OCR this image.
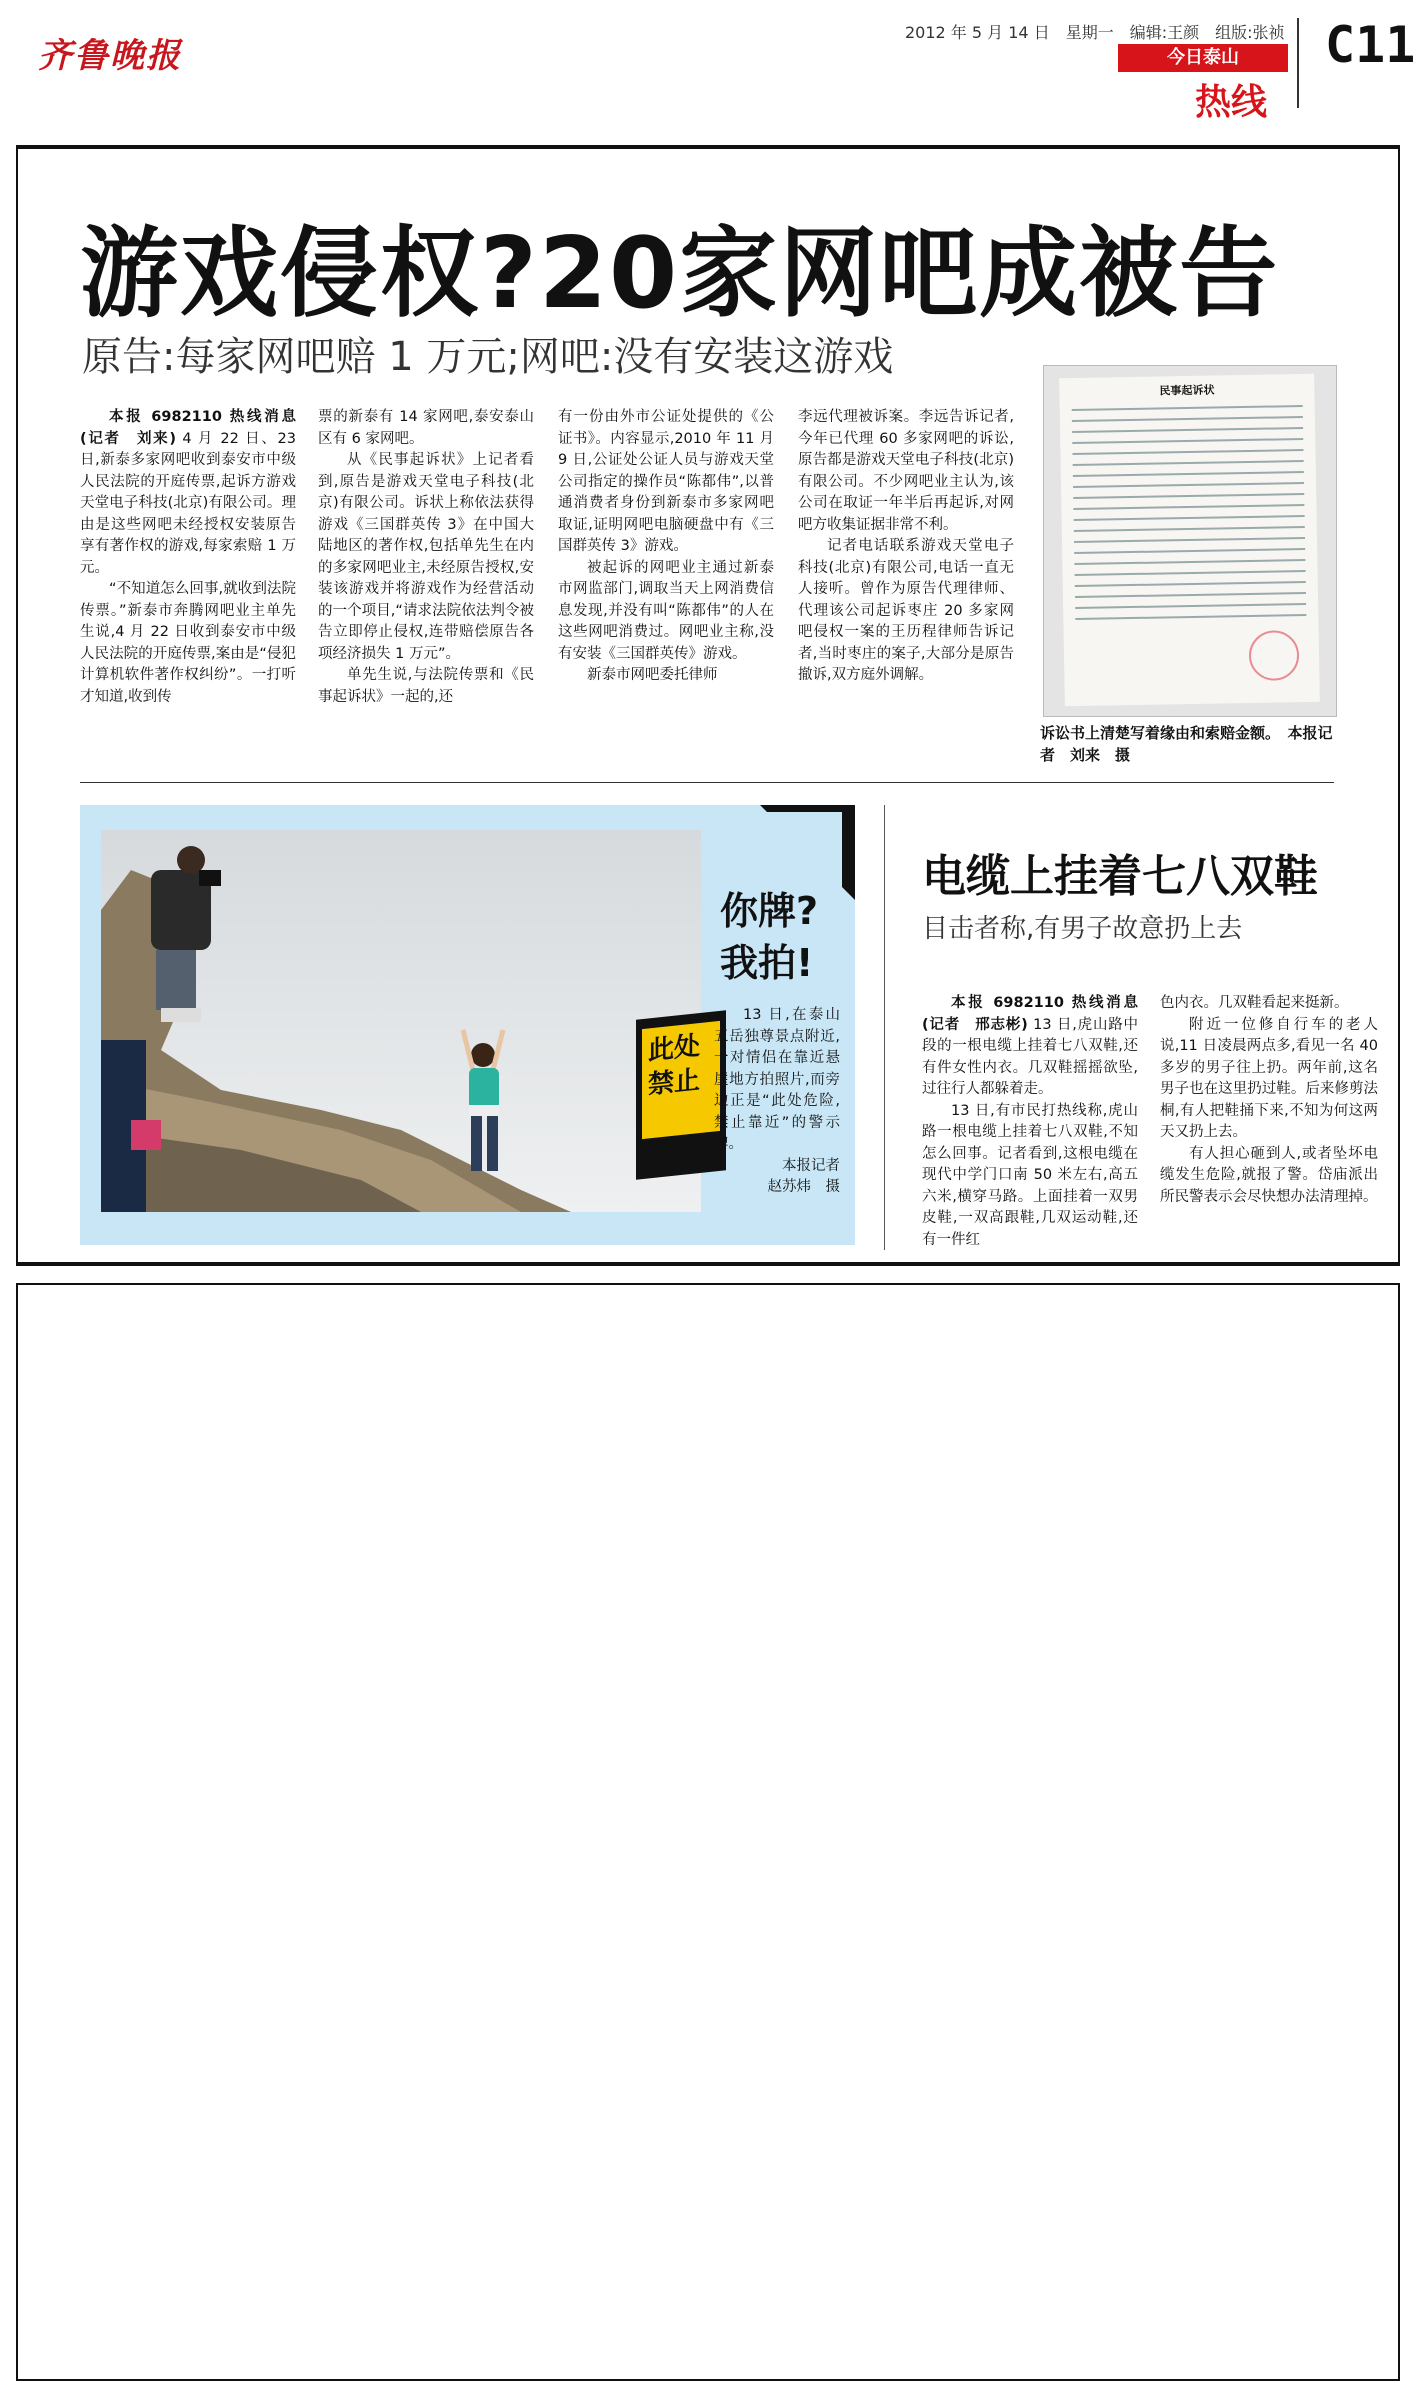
齐鲁晚报
2012 年 5 月 14 日　星期一　编辑:王颜　组版:张祯
今日泰山
热线
C11
游戏侵权?20家网吧成被告
原告:每家网吧赔 1 万元;网吧:没有安装这游戏

本报 6982110 热线消息(记者　刘来) 4 月 22 日、23 日,新泰多家网吧收到泰安市中级人民法院的开庭传票,起诉方游戏天堂电子科技(北京)有限公司。理由是这些网吧未经授权安装原告享有著作权的游戏,每家索赔 1 万元。

“不知道怎么回事,就收到法院传票。”新泰市奔腾网吧业主单先生说,4 月 22 日收到泰安市中级人民法院的开庭传票,案由是“侵犯计算机软件著作权纠纷”。一打听才知道,收到传

票的新泰有 14 家网吧,泰安泰山区有 6 家网吧。

从《民事起诉状》上记者看到,原告是游戏天堂电子科技(北京)有限公司。诉状上称依法获得游戏《三国群英传 3》在中国大陆地区的著作权,包括单先生在内的多家网吧业主,未经原告授权,安装该游戏并将游戏作为经营活动的一个项目,“请求法院依法判令被告立即停止侵权,连带赔偿原告各项经济损失 1 万元”。

单先生说,与法院传票和《民事起诉状》一起的,还

有一份由外市公证处提供的《公证书》。内容显示,2010 年 11 月 9 日,公证处公证人员与游戏天堂公司指定的操作员“陈都伟”,以普通消费者身份到新泰市多家网吧取证,证明网吧电脑硬盘中有《三国群英传 3》游戏。

被起诉的网吧业主通过新泰市网监部门,调取当天上网消费信息发现,并没有叫“陈都伟”的人在这些网吧消费过。网吧业主称,没有安装《三国群英传》游戏。

新泰市网吧委托律师

李远代理被诉案。李远告诉记者,今年已代理 60 多家网吧的诉讼,原告都是游戏天堂电子科技(北京)有限公司。不少网吧业主认为,该公司在取证一年半后再起诉,对网吧方收集证据非常不利。

记者电话联系游戏天堂电子科技(北京)有限公司,电话一直无人接听。曾作为原告代理律师、代理该公司起诉枣庄 20 多家网吧侵权一案的王历程律师告诉记者,当时枣庄的案子,大部分是原告撤诉,双方庭外调解。

民事起诉状
诉讼书上清楚写着缘由和索赔金额。　本报记者　刘来　摄
此处 禁止
你牌?
我拍!
13 日,在泰山五岳独尊景点附近,一对情侣在靠近悬崖地方拍照片,而旁边正是“此处危险,禁止靠近”的警示牌。
本报记者
赵苏炜　摄
电缆上挂着七八双鞋
目击者称,有男子故意扔上去

本报 6982110 热线消息(记者　邢志彬) 13 日,虎山路中段的一根电缆上挂着七八双鞋,还有件女性内衣。几双鞋摇摇欲坠,过往行人都躲着走。

13 日,有市民打热线称,虎山路一根电缆上挂着七八双鞋,不知怎么回事。记者看到,这根电缆在现代中学门口南 50 米左右,高五六米,横穿马路。上面挂着一双男皮鞋,一双高跟鞋,几双运动鞋,还有一件红

色内衣。几双鞋看起来挺新。

附近一位修自行车的老人说,11 日凌晨两点多,看见一名 40 多岁的男子往上扔。两年前,这名男子也在这里扔过鞋。后来修剪法桐,有人把鞋捅下来,不知为何这两天又扔上去。

有人担心砸到人,或者坠坏电缆发生危险,就报了警。岱庙派出所民警表示会尽快想办法清理掉。
